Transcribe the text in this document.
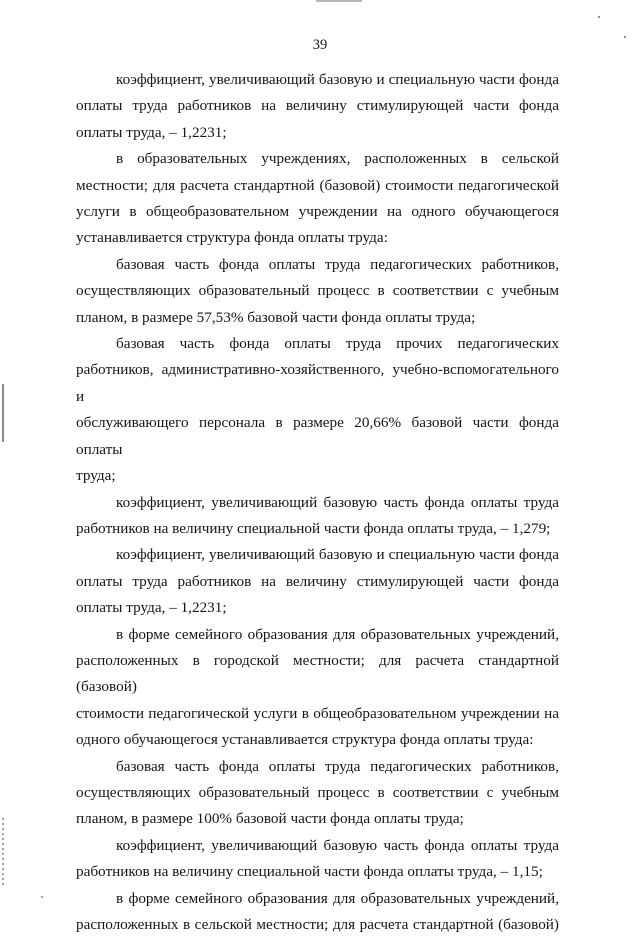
39
коэффициент, увеличивающий базовую и специальную части фонда
оплаты труда работников на величину стимулирующей части фонда
оплаты труда, – 1,2231;
в образовательных учреждениях, расположенных в сельской
местности; для расчета стандартной (базовой) стоимости педагогической
услуги в общеобразовательном учреждении на одного обучающегося
устанавливается структура фонда оплаты труда:
базовая часть фонда оплаты труда педагогических работников,
осуществляющих образовательный процесс в соответствии с учебным
планом, в размере 57,53% базовой части фонда оплаты труда;
базовая часть фонда оплаты труда прочих педагогических
работников, административно-хозяйственного, учебно-вспомогательного и
обслуживающего персонала в размере 20,66% базовой части фонда оплаты
труда;
коэффициент, увеличивающий базовую часть фонда оплаты труда
работников на величину специальной части фонда оплаты труда, – 1,279;
коэффициент, увеличивающий базовую и специальную части фонда
оплаты труда работников на величину стимулирующей части фонда
оплаты труда, – 1,2231;
в форме семейного образования для образовательных учреждений,
расположенных в городской местности; для расчета стандартной (базовой)
стоимости педагогической услуги в общеобразовательном учреждении на
одного обучающегося устанавливается структура фонда оплаты труда:
базовая часть фонда оплаты труда педагогических работников,
осуществляющих образовательный процесс в соответствии с учебным
планом, в размере 100% базовой части фонда оплаты труда;
коэффициент, увеличивающий базовую часть фонда оплаты труда
работников на величину специальной части фонда оплаты труда, – 1,15;
в форме семейного образования для образовательных учреждений,
расположенных в сельской местности; для расчета стандартной (базовой)
